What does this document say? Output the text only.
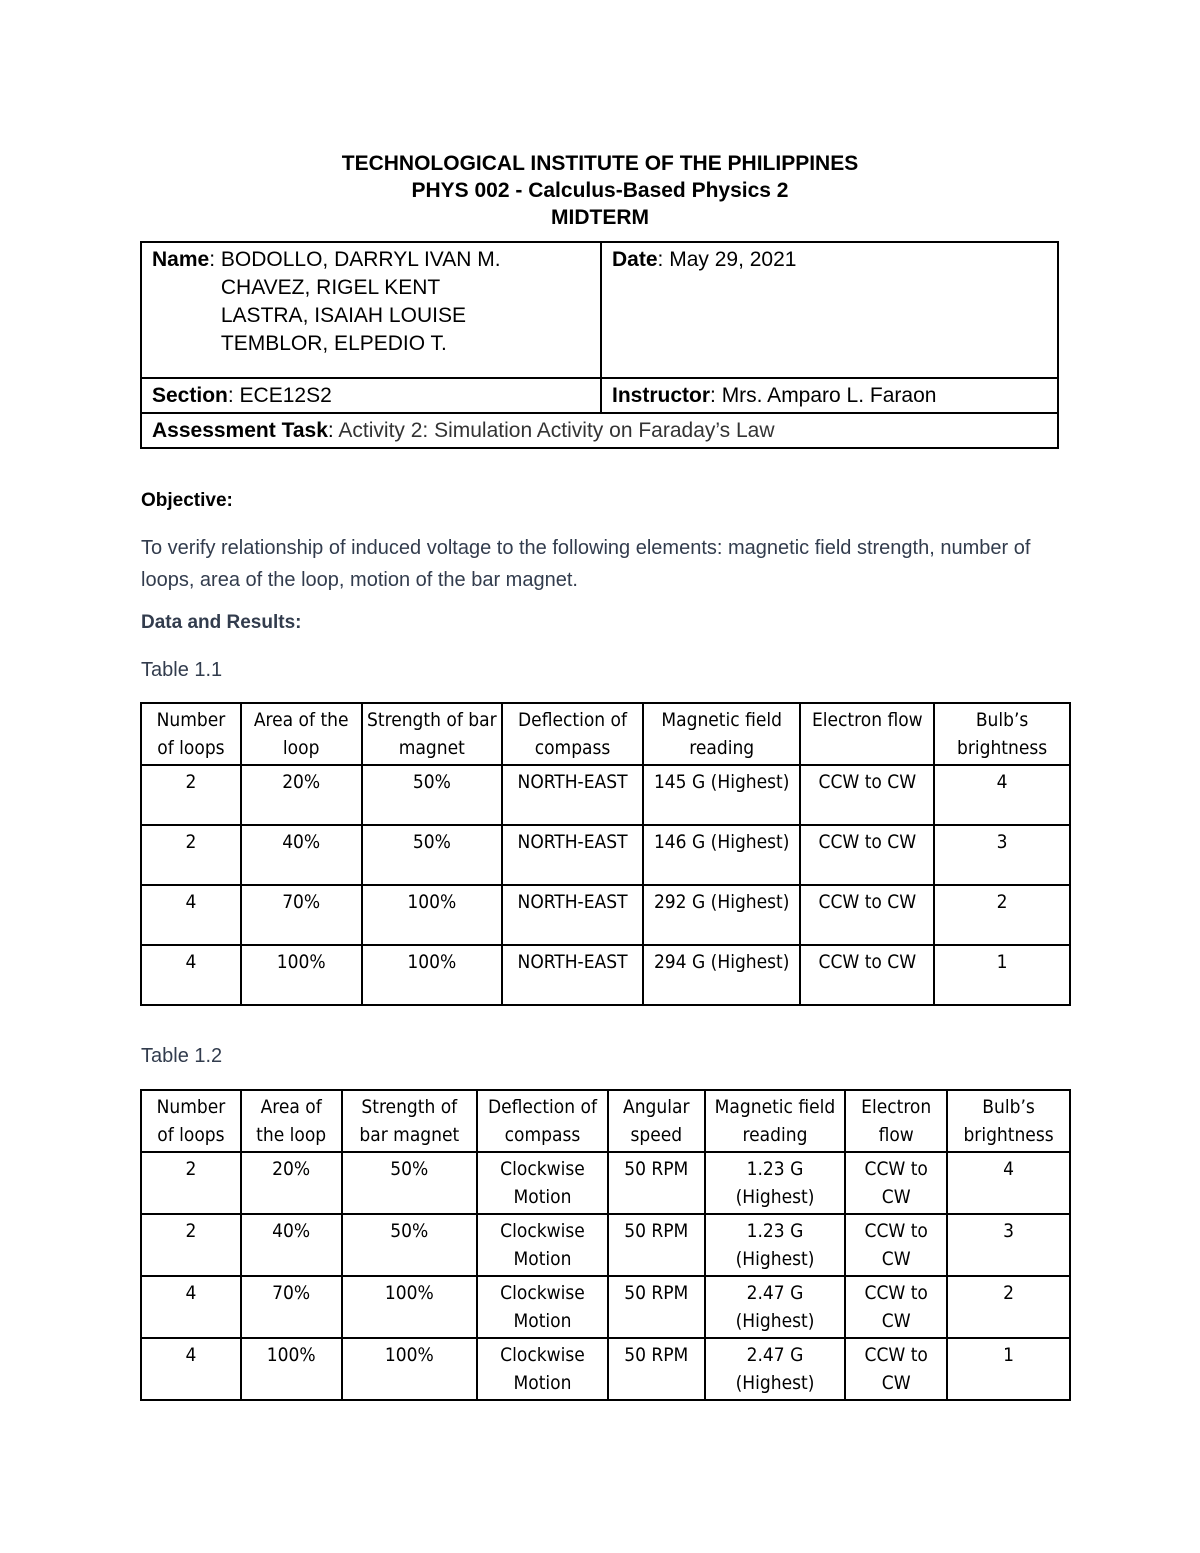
TECHNOLOGICAL INSTITUTE OF THE PHILIPPINES
PHYS 002 - Calculus-Based Physics 2
MIDTERM
Name: BODOLLO, DARRYL IVAN M.
CHAVEZ, RIGEL KENT
LASTRA, ISAIAH LOUISE
TEMBLOR, ELPEDIO T.	Date: May 29, 2021
Section: ECE12S2	Instructor: Mrs. Amparo L. Faraon
Assessment Task: Activity 2: Simulation Activity on Faraday’s Law	
Objective:
To verify relationship of induced voltage to the following elements: magnetic field strength, number of loops, area of the loop, motion of the bar magnet.
Data and Results:
Table 1.1
Number of loops	Area of the loop	Strength of bar magnet	Deflection of compass	Magnetic field reading	Electron flow	Bulb’s brightness
2	20%	50%	NORTH-EAST	145 G (Highest)	CCW to CW	4
2	40%	50%	NORTH-EAST	146 G (Highest)	CCW to CW	3
4	70%	100%	NORTH-EAST	292 G (Highest)	CCW to CW	2
4	100%	100%	NORTH-EAST	294 G (Highest)	CCW to CW	1
Table 1.2
Number of loops	Area of the loop	Strength of bar magnet	Deflection of compass	Angular speed	Magnetic field reading	Electron flow	Bulb’s brightness
2	20%	50%	Clockwise Motion	50 RPM	1.23 G (Highest)	CCW to CW	4
2	40%	50%	Clockwise Motion	50 RPM	1.23 G (Highest)	CCW to CW	3
4	70%	100%	Clockwise Motion	50 RPM	2.47 G (Highest)	CCW to CW	2
4	100%	100%	Clockwise Motion	50 RPM	2.47 G (Highest)	CCW to CW	1
